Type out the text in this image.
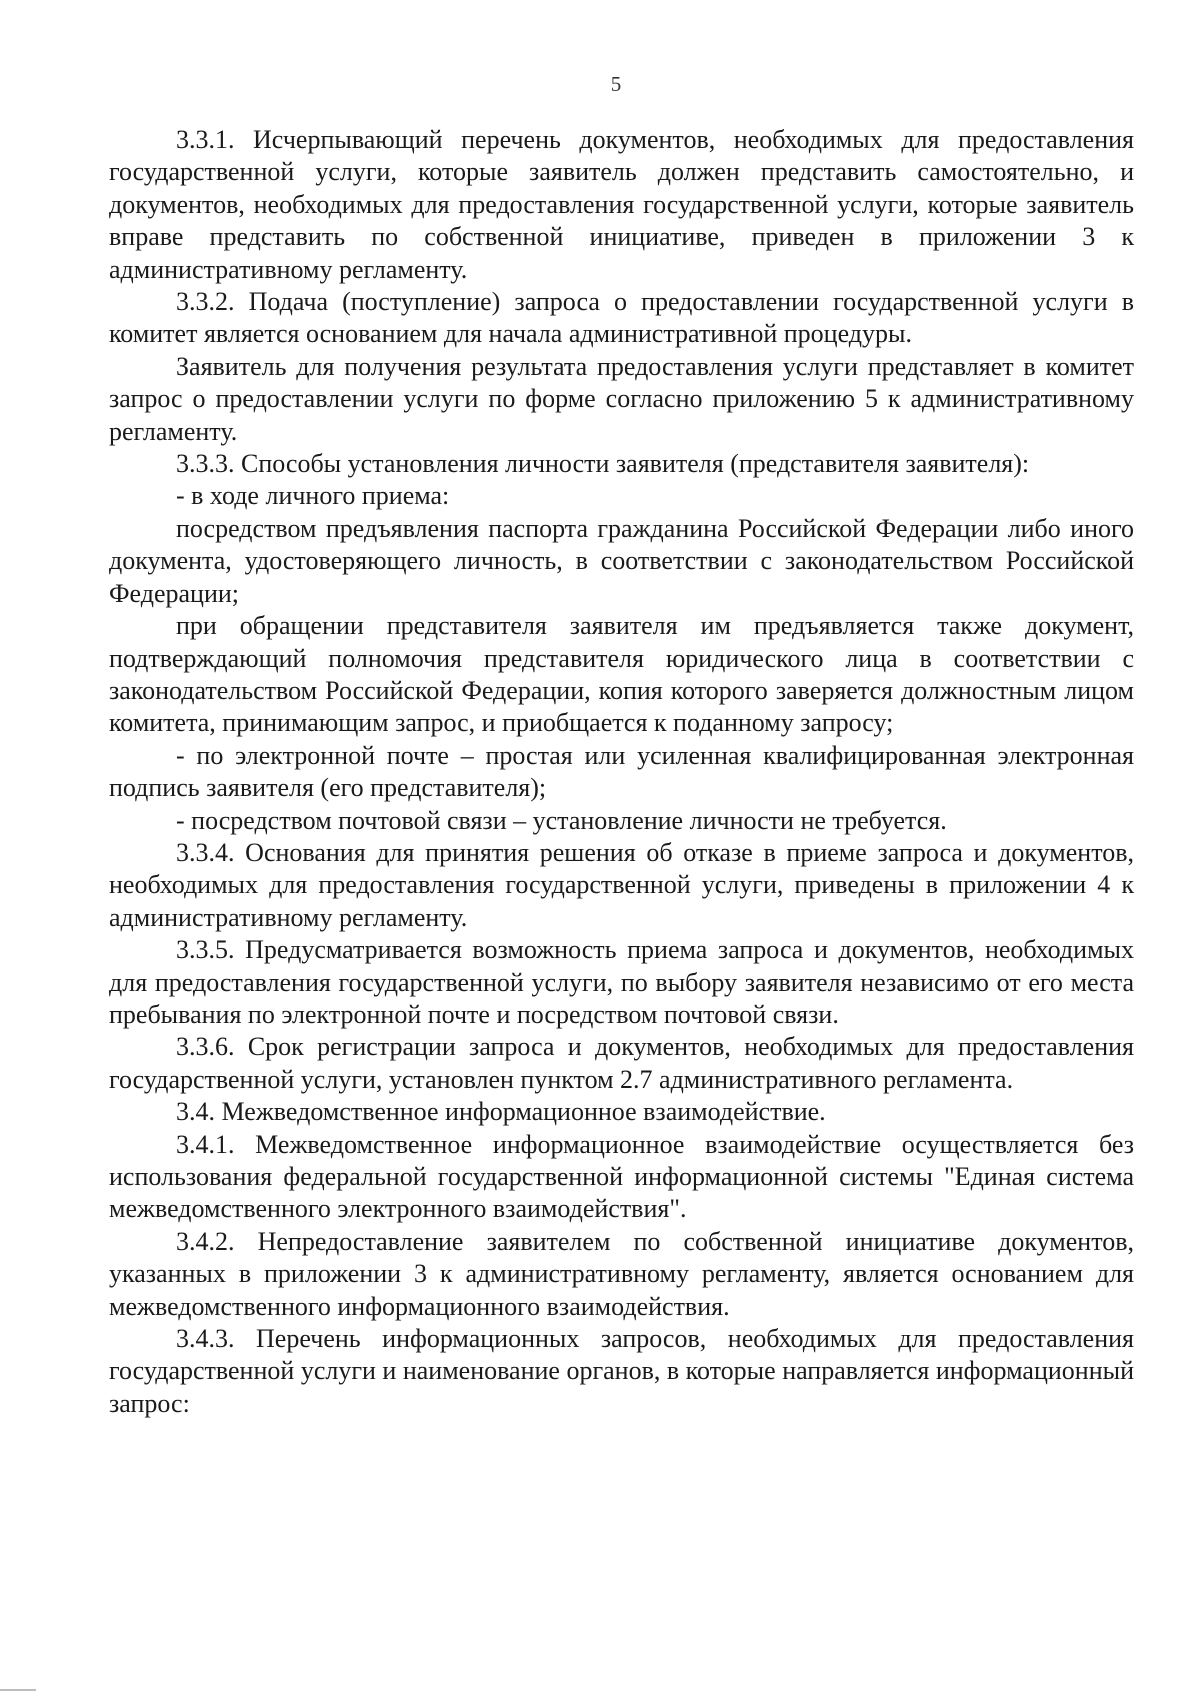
5

3.3.1. Исчерпывающий перечень документов, необходимых для предоставления государственной услуги, которые заявитель должен представить самостоятельно, и документов, необходимых для предоставления государственной услуги, которые заявитель вправе представить по собственной инициативе, приведен в приложении 3 к административному регламенту.

3.3.2. Подача (поступление) запроса о предоставлении государственной услуги в комитет является основанием для начала административной процедуры.

Заявитель для получения результата предоставления услуги представляет в комитет запрос о предоставлении услуги по форме согласно приложению 5 к административному регламенту.

3.3.3. Способы установления личности заявителя (представителя заявителя):

- в ходе личного приема:

посредством предъявления паспорта гражданина Российской Федерации либо иного документа, удостоверяющего личность, в соответствии с законодательством Российской Федерации;

при обращении представителя заявителя им предъявляется также документ, подтверждающий полномочия представителя юридического лица в соответствии с законодательством Российской Федерации, копия которого заверяется должностным лицом комитета, принимающим запрос, и приобщается к поданному запросу;

- по электронной почте – простая или усиленная квалифицированная электронная подпись заявителя (его представителя);

- посредством почтовой связи – установление личности не требуется.

3.3.4. Основания для принятия решения об отказе в приеме запроса и документов, необходимых для предоставления государственной услуги, приведены в приложении 4 к административному регламенту.

3.3.5. Предусматривается возможность приема запроса и документов, необходимых для предоставления государственной услуги, по выбору заявителя независимо от его места пребывания по электронной почте и посредством почтовой связи.

3.3.6. Срок регистрации запроса и документов, необходимых для предоставления государственной услуги, установлен пунктом 2.7 административного регламента.

3.4. Межведомственное информационное взаимодействие.

3.4.1. Межведомственное информационное взаимодействие осуществляется без использования федеральной государственной информационной системы "Единая система межведомственного электронного взаимодействия".

3.4.2. Непредоставление заявителем по собственной инициативе документов, указанных в приложении 3 к административному регламенту, является основанием для межведомственного информационного взаимодействия.

3.4.3. Перечень информационных запросов, необходимых для предоставления государственной услуги и наименование органов, в которые направляется информационный запрос:
